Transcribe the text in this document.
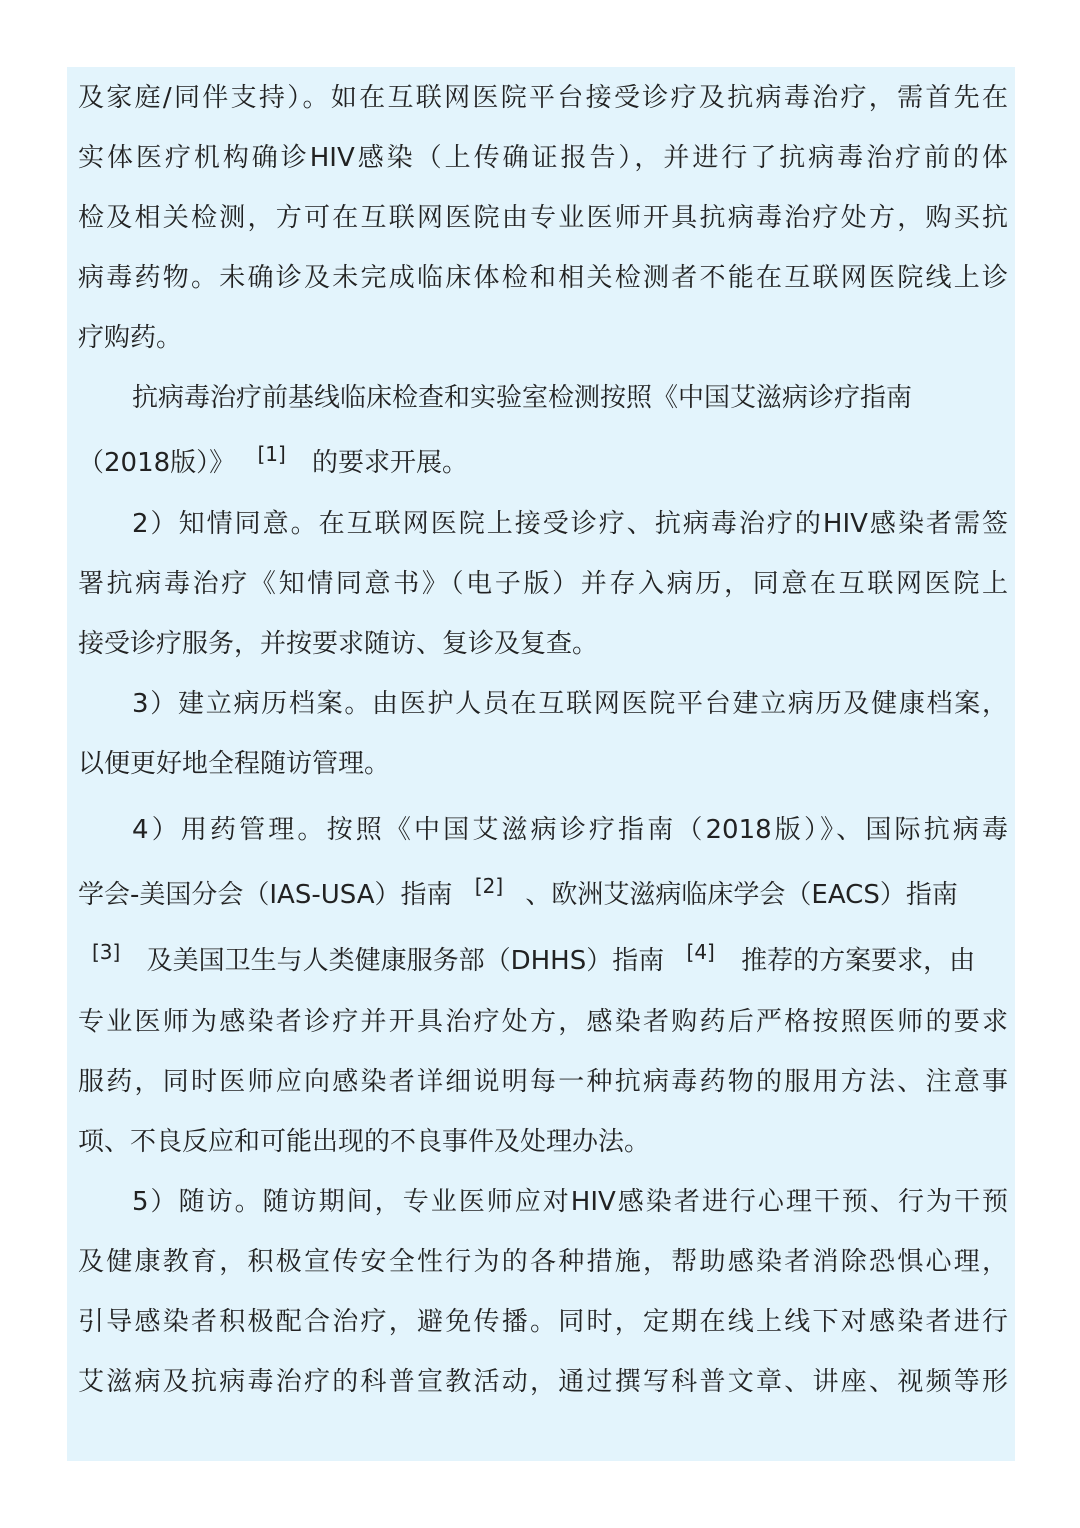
及家庭/同伴支持）。如在互联网医院平台接受诊疗及抗病毒治疗，需首先在
实体医疗机构确诊HIV感染（上传确证报告），并进行了抗病毒治疗前的体
检及相关检测，方可在互联网医院由专业医师开具抗病毒治疗处方，购买抗
病毒药物。未确诊及未完成临床体检和相关检测者不能在互联网医院线上诊
疗购药。
抗病毒治疗前基线临床检查和实验室检测按照《中国艾滋病诊疗指南
（2018版）》 [1] 的要求开展。
2）知情同意。在互联网医院上接受诊疗、抗病毒治疗的HIV感染者需签
署抗病毒治疗《知情同意书》（电子版）并存入病历，同意在互联网医院上
接受诊疗服务，并按要求随访、复诊及复查。
3）建立病历档案。由医护人员在互联网医院平台建立病历及健康档案，
以便更好地全程随访管理。
4）用药管理。按照《中国艾滋病诊疗指南（2018版）》、国际抗病毒
学会-美国分会（IAS-USA）指南 [2] 、欧洲艾滋病临床学会（EACS）指南
[3] 及美国卫生与人类健康服务部（DHHS）指南 [4] 推荐的方案要求，由
专业医师为感染者诊疗并开具治疗处方，感染者购药后严格按照医师的要求
服药，同时医师应向感染者详细说明每一种抗病毒药物的服用方法、注意事
项、不良反应和可能出现的不良事件及处理办法。
5）随访。随访期间，专业医师应对HIV感染者进行心理干预、行为干预
及健康教育，积极宣传安全性行为的各种措施，帮助感染者消除恐惧心理，
引导感染者积极配合治疗，避免传播。同时，定期在线上线下对感染者进行
艾滋病及抗病毒治疗的科普宣教活动，通过撰写科普文章、讲座、视频等形
